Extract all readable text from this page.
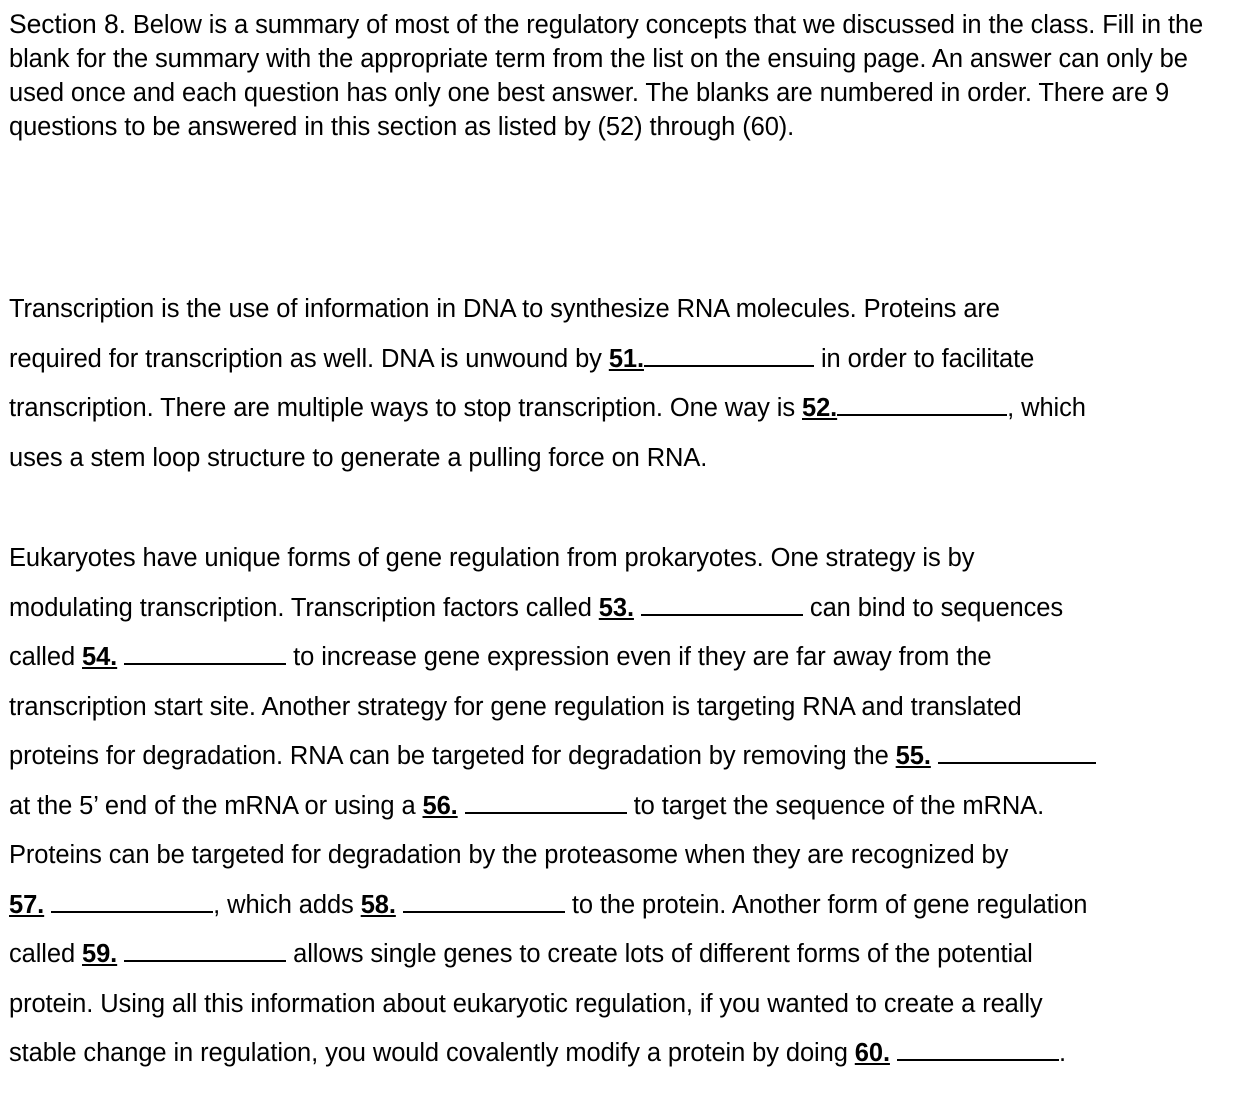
Section 8. Below is a summary of most of the regulatory concepts that we discussed in the class. Fill in the blank for the summary with the appropriate term from the list on the ensuing page. An answer can only be used once and each question has only one best answer. The blanks are numbered in order. There are 9 questions to be answered in this section as listed by (52) through (60).
Transcription is the use of information in DNA to synthesize RNA molecules. Proteins are
required for transcription as well. DNA is unwound by 51.	in order to facilitate
transcription. There are multiple ways to stop transcription. One way is 52.	, which
uses a stem loop structure to generate a pulling force on RNA.
Eukaryotes have unique forms of gene regulation from prokaryotes. One strategy is by
modulating transcription. Transcription factors called 53.	can bind to sequences
called 54.	to increase gene expression even if they are far away from the
transcription start site. Another strategy for gene regulation is targeting RNA and translated
proteins for degradation. RNA can be targeted for degradation by removing the 55.
at the 5’ end of the mRNA or using a 56.	to target the sequence of the mRNA.
Proteins can be targeted for degradation by the proteasome when they are recognized by
57.	, which adds 58.	to the protein. Another form of gene regulation
called 59.	allows single genes to create lots of different forms of the potential
protein. Using all this information about eukaryotic regulation, if you wanted to create a really
stable change in regulation, you would covalently modify a protein by doing 60.	.
